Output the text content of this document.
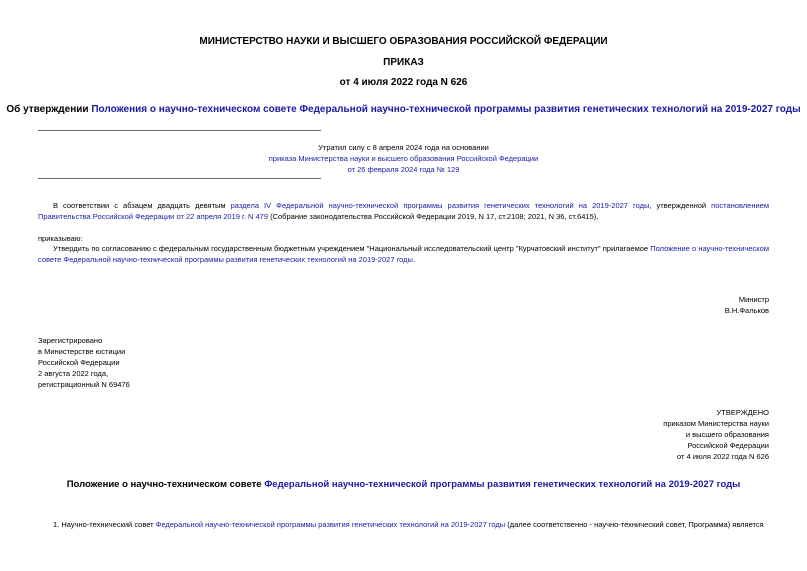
МИНИСТЕРСТВО НАУКИ И ВЫСШЕГО ОБРАЗОВАНИЯ РОССИЙСКОЙ ФЕДЕРАЦИИ
ПРИКАЗ
от 4 июля 2022 года N 626
Об утверждении Положения о научно-техническом совете Федеральной научно-технической программы развития генетических технологий на 2019-2027 годы
Утратил силу с 8 апреля 2024 года на основании
приказа Министерства науки и высшего образования Российской Федерации
от 26 февраля 2024 года № 129
В соответствии с абзацем двадцать девятым раздела IV Федеральной научно-технической программы развития генетических технологий на 2019-2027 годы, утвержденной постановлением Правительства Российской Федерации от 22 апреля 2019 г. N 479 (Собрание законодательства Российской Федерации 2019, N 17, ст.2108; 2021, N 36, ст.6415),
приказываю:
Утвердить по согласованию с федеральным государственным бюджетным учреждением "Национальный исследовательский центр "Курчатовский институт" прилагаемое Положение о научно-техническом совете Федеральной научно-технической программы развития генетических технологий на 2019-2027 годы.
Министр
В.Н.Фальков
Зарегистрировано
в Министерстве юстиции
Российской Федерации
2 августа 2022 года,
регистрационный N 69476
УТВЕРЖДЕНО
приказом Министерства науки
и высшего образования
Российской Федерации
от 4 июля 2022 года N 626
Положение о научно-техническом совете Федеральной научно-технической программы развития генетических технологий на 2019-2027 годы
1. Научно-технический совет Федеральной научно-технической программы развития генетических технологий на 2019-2027 годы (далее соответственно - научно-технический совет, Программа) является
